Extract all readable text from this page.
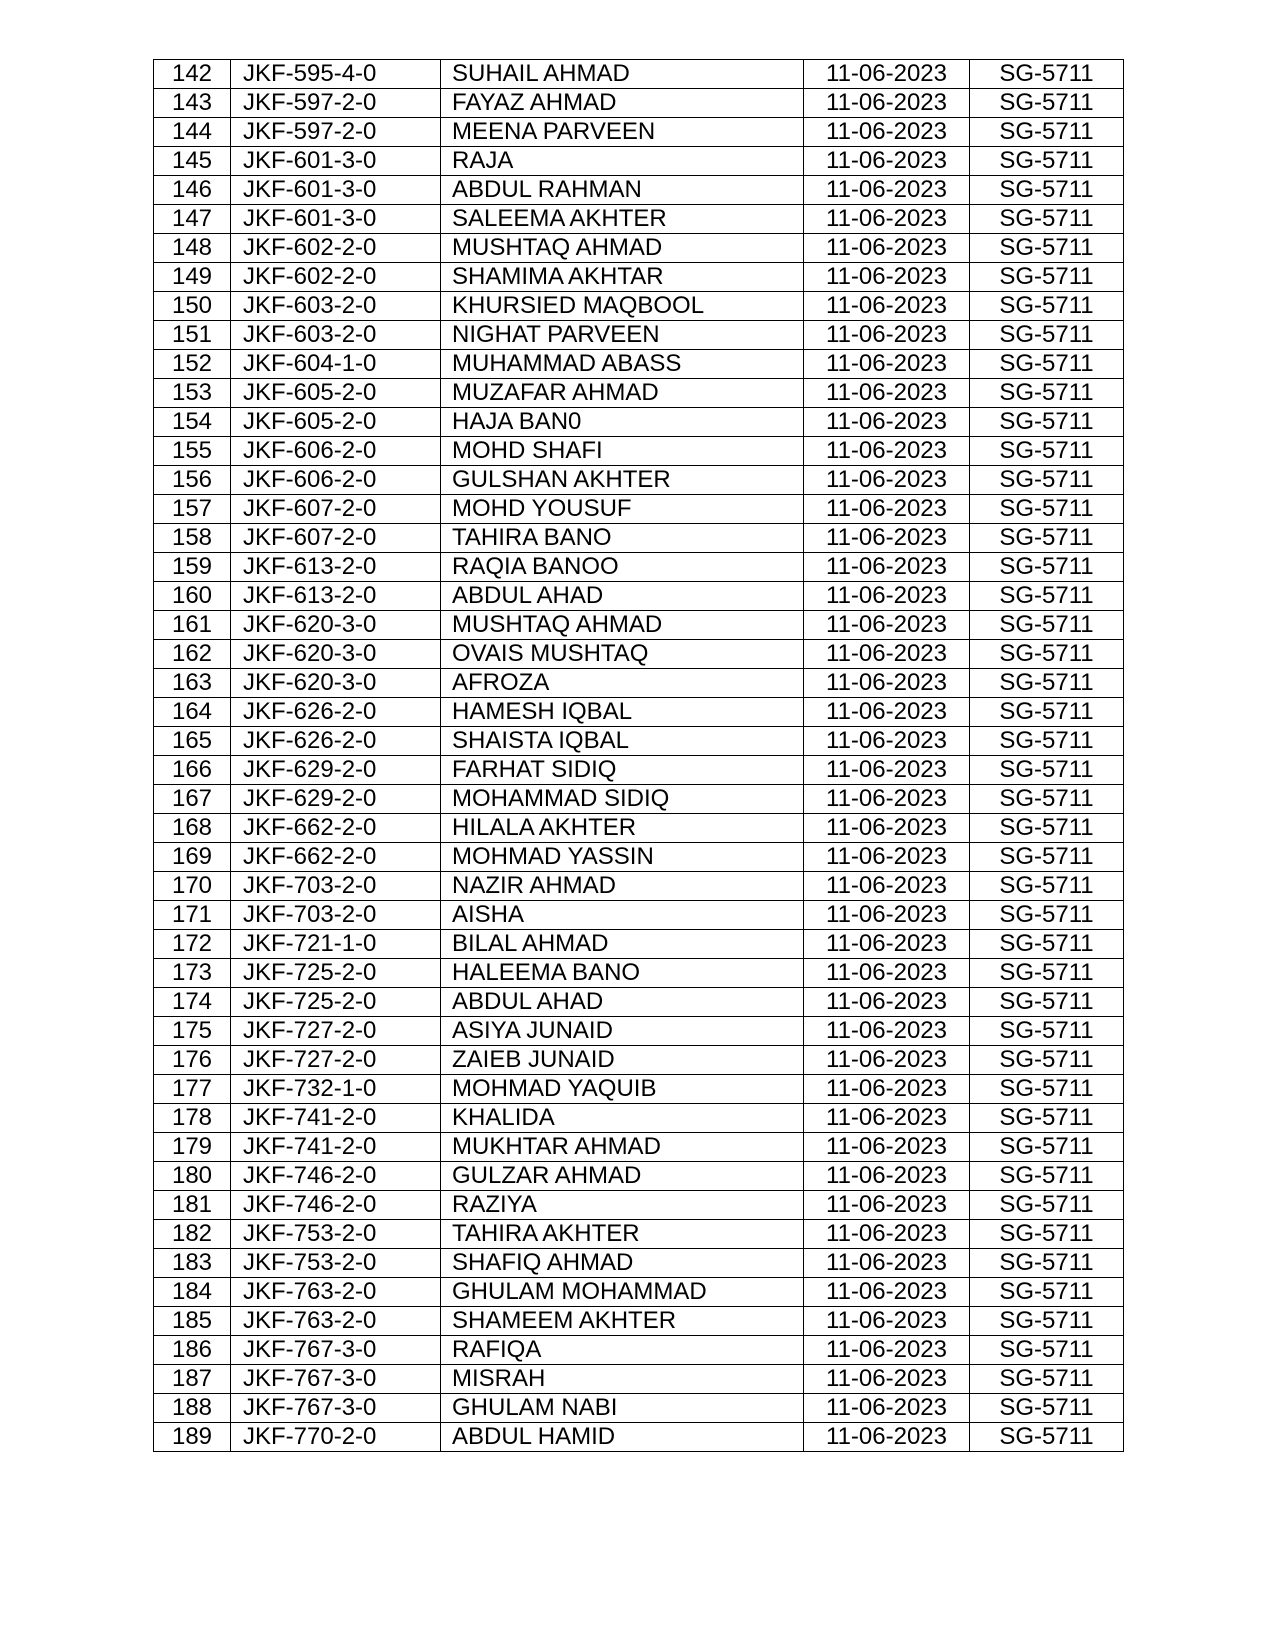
142	JKF-595-4-0	SUHAIL AHMAD	11-06-2023	SG-5711
143	JKF-597-2-0	FAYAZ AHMAD	11-06-2023	SG-5711
144	JKF-597-2-0	MEENA PARVEEN	11-06-2023	SG-5711
145	JKF-601-3-0	RAJA	11-06-2023	SG-5711
146	JKF-601-3-0	ABDUL RAHMAN	11-06-2023	SG-5711
147	JKF-601-3-0	SALEEMA AKHTER	11-06-2023	SG-5711
148	JKF-602-2-0	MUSHTAQ AHMAD	11-06-2023	SG-5711
149	JKF-602-2-0	SHAMIMA AKHTAR	11-06-2023	SG-5711
150	JKF-603-2-0	KHURSIED MAQBOOL	11-06-2023	SG-5711
151	JKF-603-2-0	NIGHAT PARVEEN	11-06-2023	SG-5711
152	JKF-604-1-0	MUHAMMAD ABASS	11-06-2023	SG-5711
153	JKF-605-2-0	MUZAFAR AHMAD	11-06-2023	SG-5711
154	JKF-605-2-0	HAJA BAN0	11-06-2023	SG-5711
155	JKF-606-2-0	MOHD SHAFI	11-06-2023	SG-5711
156	JKF-606-2-0	GULSHAN AKHTER	11-06-2023	SG-5711
157	JKF-607-2-0	MOHD YOUSUF	11-06-2023	SG-5711
158	JKF-607-2-0	TAHIRA BANO	11-06-2023	SG-5711
159	JKF-613-2-0	RAQIA BANOO	11-06-2023	SG-5711
160	JKF-613-2-0	ABDUL AHAD	11-06-2023	SG-5711
161	JKF-620-3-0	MUSHTAQ AHMAD	11-06-2023	SG-5711
162	JKF-620-3-0	OVAIS MUSHTAQ	11-06-2023	SG-5711
163	JKF-620-3-0	AFROZA	11-06-2023	SG-5711
164	JKF-626-2-0	HAMESH IQBAL	11-06-2023	SG-5711
165	JKF-626-2-0	SHAISTA IQBAL	11-06-2023	SG-5711
166	JKF-629-2-0	FARHAT SIDIQ	11-06-2023	SG-5711
167	JKF-629-2-0	MOHAMMAD SIDIQ	11-06-2023	SG-5711
168	JKF-662-2-0	HILALA AKHTER	11-06-2023	SG-5711
169	JKF-662-2-0	MOHMAD YASSIN	11-06-2023	SG-5711
170	JKF-703-2-0	NAZIR AHMAD	11-06-2023	SG-5711
171	JKF-703-2-0	AISHA	11-06-2023	SG-5711
172	JKF-721-1-0	BILAL AHMAD	11-06-2023	SG-5711
173	JKF-725-2-0	HALEEMA BANO	11-06-2023	SG-5711
174	JKF-725-2-0	ABDUL AHAD	11-06-2023	SG-5711
175	JKF-727-2-0	ASIYA JUNAID	11-06-2023	SG-5711
176	JKF-727-2-0	ZAIEB JUNAID	11-06-2023	SG-5711
177	JKF-732-1-0	MOHMAD YAQUIB	11-06-2023	SG-5711
178	JKF-741-2-0	KHALIDA	11-06-2023	SG-5711
179	JKF-741-2-0	MUKHTAR AHMAD	11-06-2023	SG-5711
180	JKF-746-2-0	GULZAR AHMAD	11-06-2023	SG-5711
181	JKF-746-2-0	RAZIYA	11-06-2023	SG-5711
182	JKF-753-2-0	TAHIRA AKHTER	11-06-2023	SG-5711
183	JKF-753-2-0	SHAFIQ AHMAD	11-06-2023	SG-5711
184	JKF-763-2-0	GHULAM MOHAMMAD	11-06-2023	SG-5711
185	JKF-763-2-0	SHAMEEM AKHTER	11-06-2023	SG-5711
186	JKF-767-3-0	RAFIQA	11-06-2023	SG-5711
187	JKF-767-3-0	MISRAH	11-06-2023	SG-5711
188	JKF-767-3-0	GHULAM NABI	11-06-2023	SG-5711
189	JKF-770-2-0	ABDUL HAMID	11-06-2023	SG-5711
